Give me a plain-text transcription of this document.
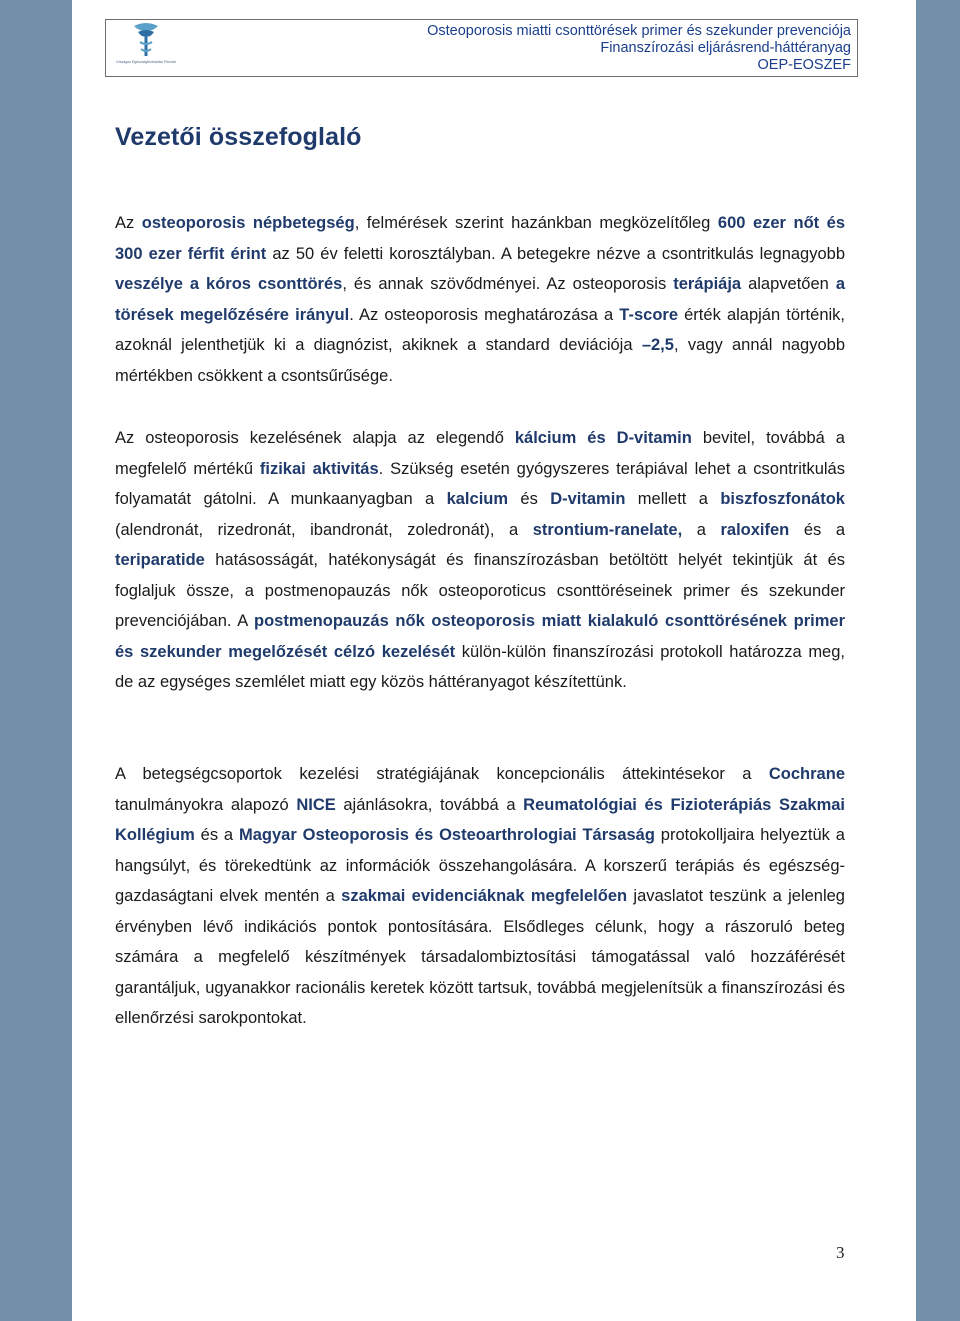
Országos Egészségbiztosítási Pénztár
Osteoporosis miatti csonttörések primer és szekunder prevenciója
Finanszírozási eljárásrend-háttéranyag
OEP-EOSZEF
Vezetői összefoglaló

Az osteoporosis népbetegség, felmérések szerint hazánkban megközelítőleg 600 ezer nőt és 300 ezer férfit érint az 50 év feletti korosztályban. A betegekre nézve a csontritkulás legnagyobb veszélye a kóros csonttörés, és annak szövődményei. Az osteoporosis terápiája alapvetően a törések megelőzésére irányul. Az osteoporosis meghatározása a T-score érték alapján történik, azoknál jelenthetjük ki a diagnózist, akiknek a standard deviációja –2,5, vagy annál nagyobb mértékben csökkent a csontsűrűsége.

Az osteoporosis kezelésének alapja az elegendő kálcium és D-vitamin bevitel, továbbá a megfelelő mértékű fizikai aktivitás. Szükség esetén gyógyszeres terápiával lehet a csontritkulás folyamatát gátolni. A munkaanyagban a kalcium és D-vitamin mellett a biszfoszfonátok (alendronát, rizedronát, ibandronát, zoledronát), a strontium-ranelate, a raloxifen és a teriparatide hatásosságát, hatékonyságát és finanszírozásban betöltött helyét tekintjük át és foglaljuk össze, a postmenopauzás nők osteoporoticus csonttöréseinek primer és szekunder prevenciójában. A postmenopauzás nők osteoporosis miatt kialakuló csonttörésének primer és szekunder megelőzését célzó kezelését külön-külön finanszírozási protokoll határozza meg, de az egységes szemlélet miatt egy közös háttéranyagot készítettünk.

A betegségcsoportok kezelési stratégiájának koncepcionális áttekintésekor a Cochrane tanulmányokra alapozó NICE ajánlásokra, továbbá a Reumatológiai és Fizioterápiás Szakmai Kollégium és a Magyar Osteoporosis és Osteoarthrologiai Társaság protokolljaira helyeztük a hangsúlyt, és törekedtünk az információk összehangolására. A korszerű terápiás és egészség-gazdaságtani elvek mentén a szakmai evidenciáknak megfelelően javaslatot teszünk a jelenleg érvényben lévő indikációs pontok pontosítására. Elsődleges célunk, hogy a rászoruló beteg számára a megfelelő készítmények társadalombiztosítási támogatással való hozzáférését garantáljuk, ugyanakkor racionális keretek között tartsuk, továbbá megjelenítsük a finanszírozási és ellenőrzési sarokpontokat.

3
